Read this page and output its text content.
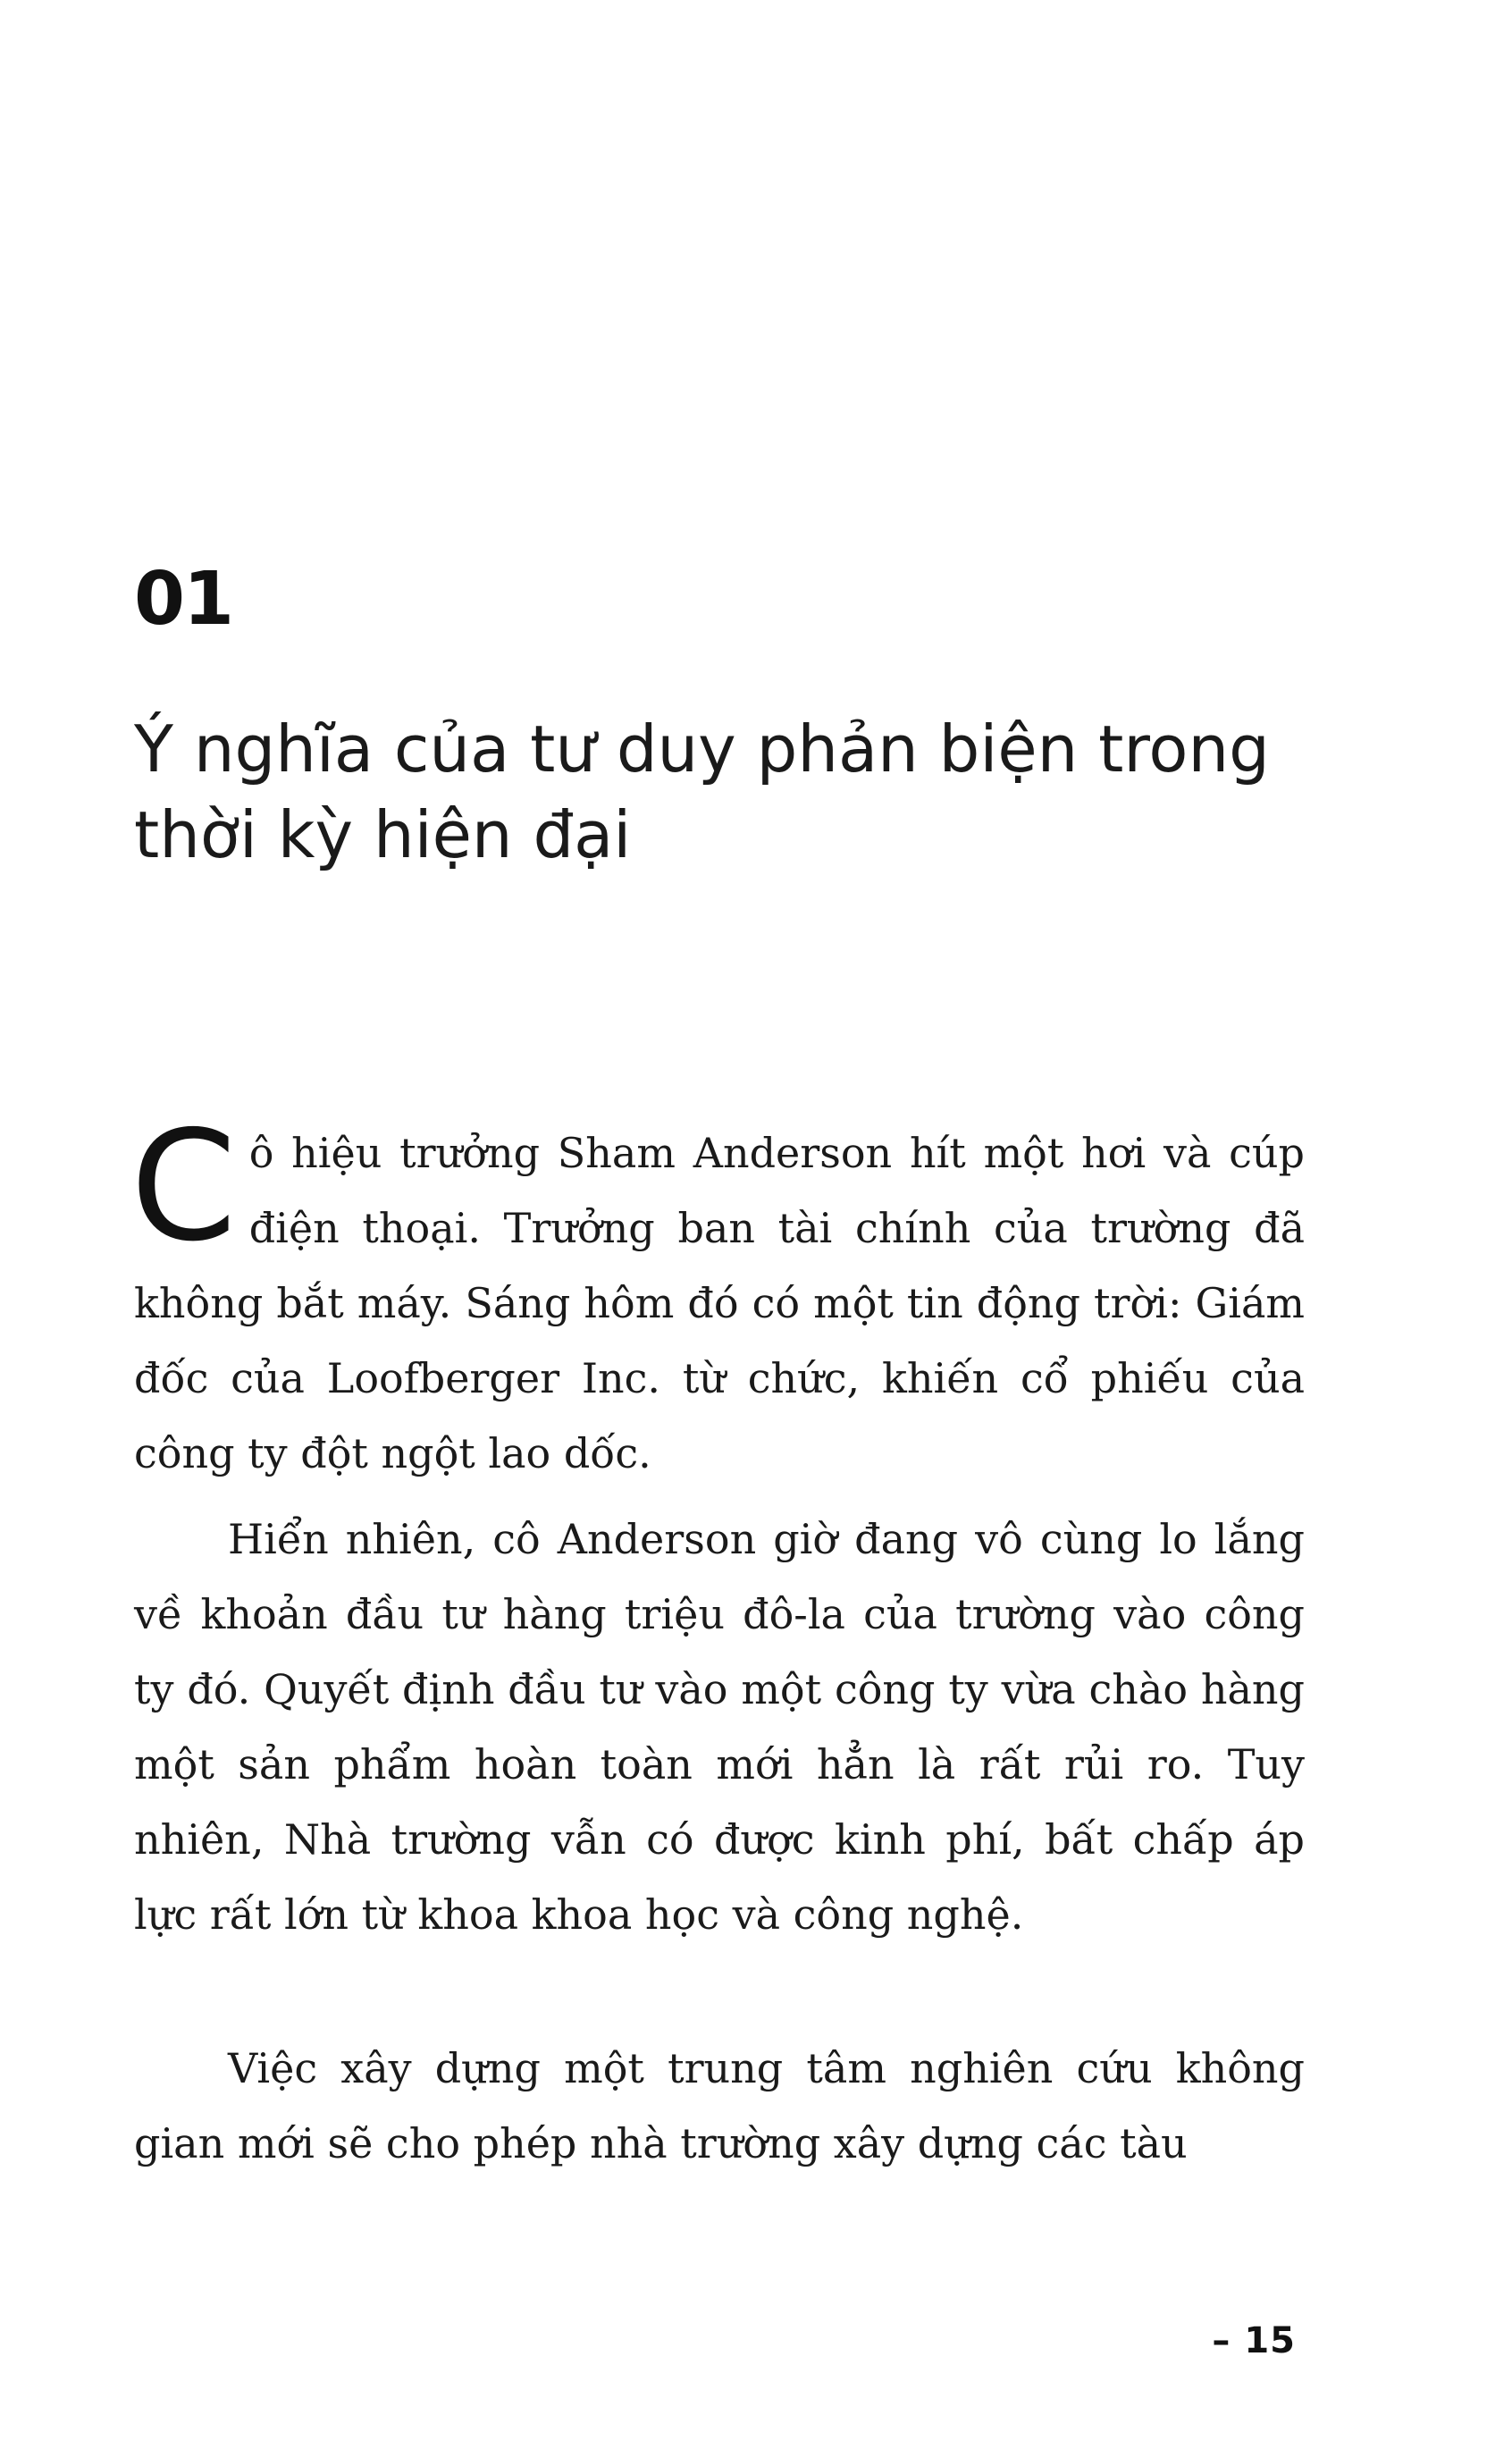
01
Ý nghĩa của tư duy phản biện trong thời kỳ hiện đại

Cô hiệu trưởng Sham Anderson hít một hơi và cúp điện thoại. Trưởng ban tài chính của trường đã không bắt máy. Sáng hôm đó có một tin động trời: Giám đốc của Loofberger Inc. từ chức, khiến cổ phiếu của công ty đột ngột lao dốc.

Hiển nhiên, cô Anderson giờ đang vô cùng lo lắng về khoản đầu tư hàng triệu đô-la của trường vào công ty đó. Quyết định đầu tư vào một công ty vừa chào hàng một sản phẩm hoàn toàn mới hẳn là rất rủi ro. Tuy nhiên, Nhà trường vẫn có được kinh phí, bất chấp áp lực rất lớn từ khoa khoa học và công nghệ.

Việc xây dựng một trung tâm nghiên cứu không gian mới sẽ cho phép nhà trường xây dựng các tàu

– 15
